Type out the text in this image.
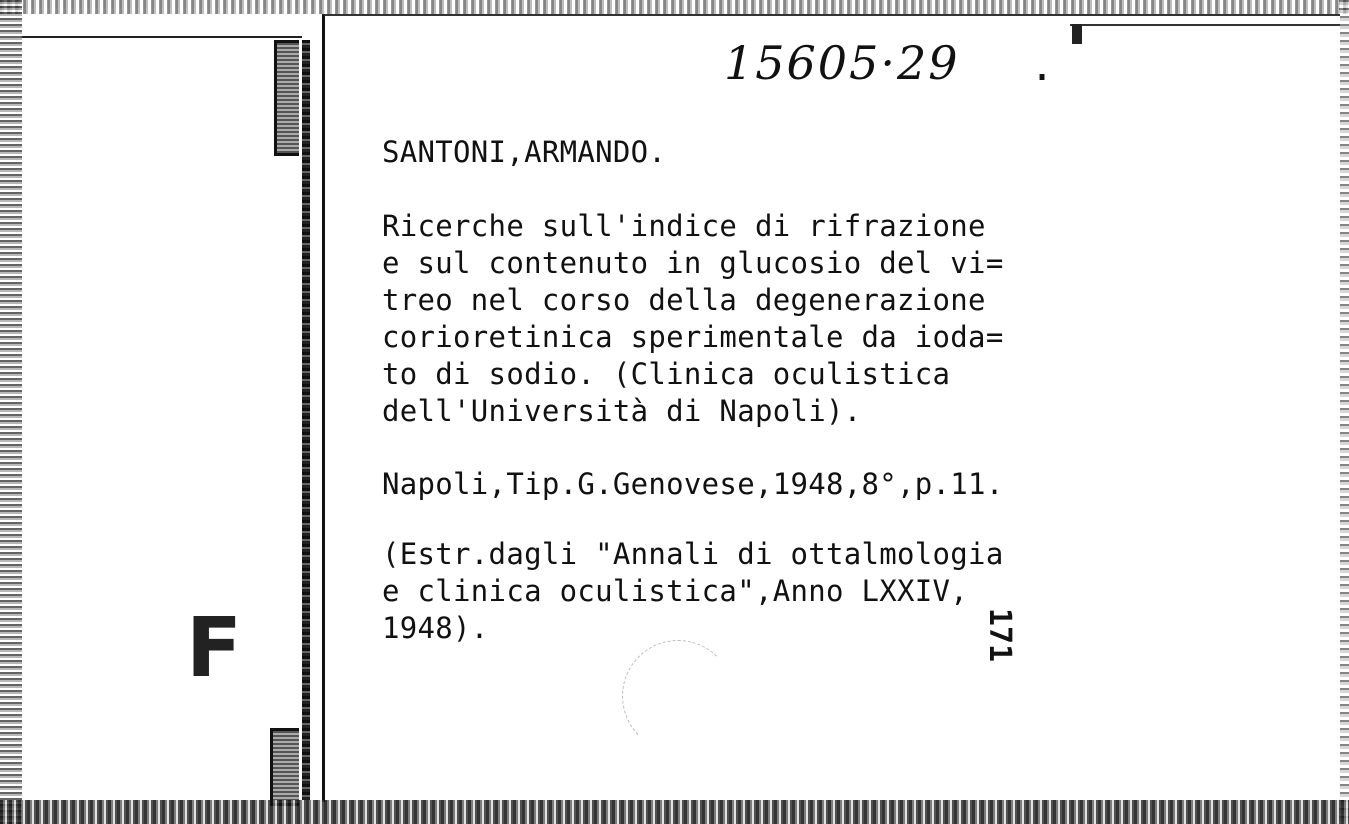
F
15605·29 .
SANTONI,ARMANDO.
Ricerche sull'indice di rifrazione
e sul contenuto in glucosio del vi=
treo nel corso della degenerazione
corioretinica sperimentale da ioda=
to di sodio. (Clinica oculistica
dell'Università di Napoli).
Napoli,Tip.G.Genovese,1948,8°,p.11.
(Estr.dagli "Annali di ottalmologia
e clinica oculistica",Anno LXXIV,
1948).	171
